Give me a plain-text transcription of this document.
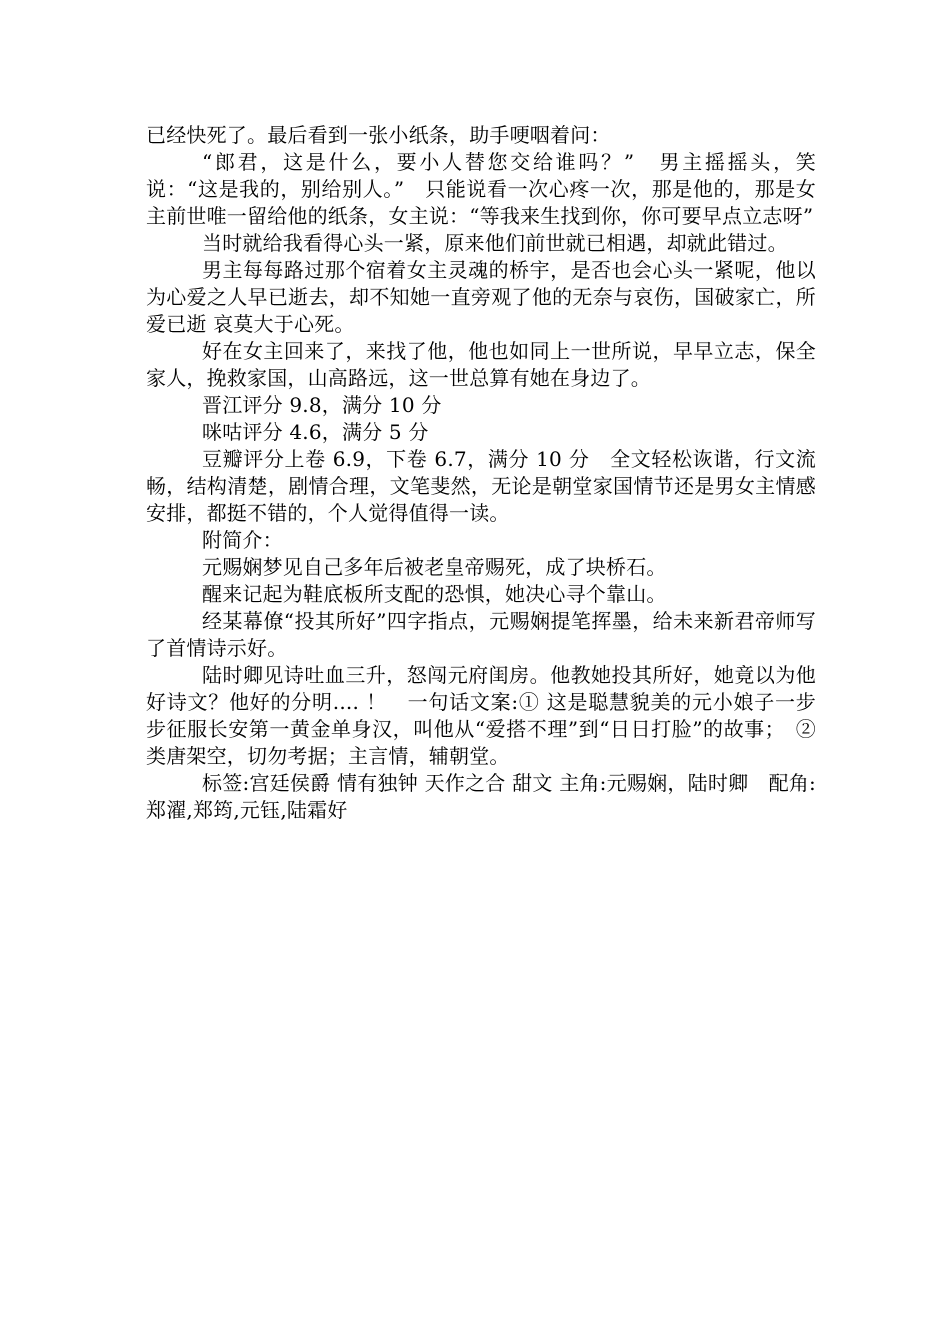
已经快死了。最后看到一张小纸条，助手哽咽着问：

“郎君，这是什么，要小人替您交给谁吗？”　男主摇摇头，笑说：“这是我的，别给别人。”　只能说看一次心疼一次，那是他的，那是女主前世唯一留给他的纸条，女主说：“等我来生找到你，你可要早点立志呀”

当时就给我看得心头一紧，原来他们前世就已相遇，却就此错过。

男主每每路过那个宿着女主灵魂的桥宇，是否也会心头一紧呢，他以为心爱之人早已逝去，却不知她一直旁观了他的无奈与哀伤，国破家亡，所爱已逝 哀莫大于心死。

好在女主回来了，来找了他，他也如同上一世所说，早早立志，保全家人，挽救家国，山高路远，这一世总算有她在身边了。

晋江评分 9.8，满分 10 分

咪咕评分 4.6，满分 5 分

豆瓣评分上卷 6.9，下卷 6.7，满分 10 分　全文轻松诙谐，行文流畅，结构清楚，剧情合理，文笔斐然，无论是朝堂家国情节还是男女主情感安排，都挺不错的，个人觉得值得一读。

附简介：

元赐娴梦见自己多年后被老皇帝赐死，成了块桥石。

醒来记起为鞋底板所支配的恐惧，她决心寻个靠山。

经某幕僚“投其所好”四字指点，元赐娴提笔挥墨，给未来新君帝师写了首情诗示好。

陆时卿见诗吐血三升，怒闯元府闺房。他教她投其所好，她竟以为他好诗文？他好的分明.... ！　一句话文案:① 这是聪慧貌美的元小娘子一步步征服长安第一黄金单身汉，叫他从“爱搭不理”到“日日打脸”的故事；　②类唐架空，切勿考据；主言情，辅朝堂。

标签:宫廷侯爵 情有独钟 天作之合 甜文 主角:元赐娴，陆时卿　配角:郑濯,郑筠,元钰,陆霜好
